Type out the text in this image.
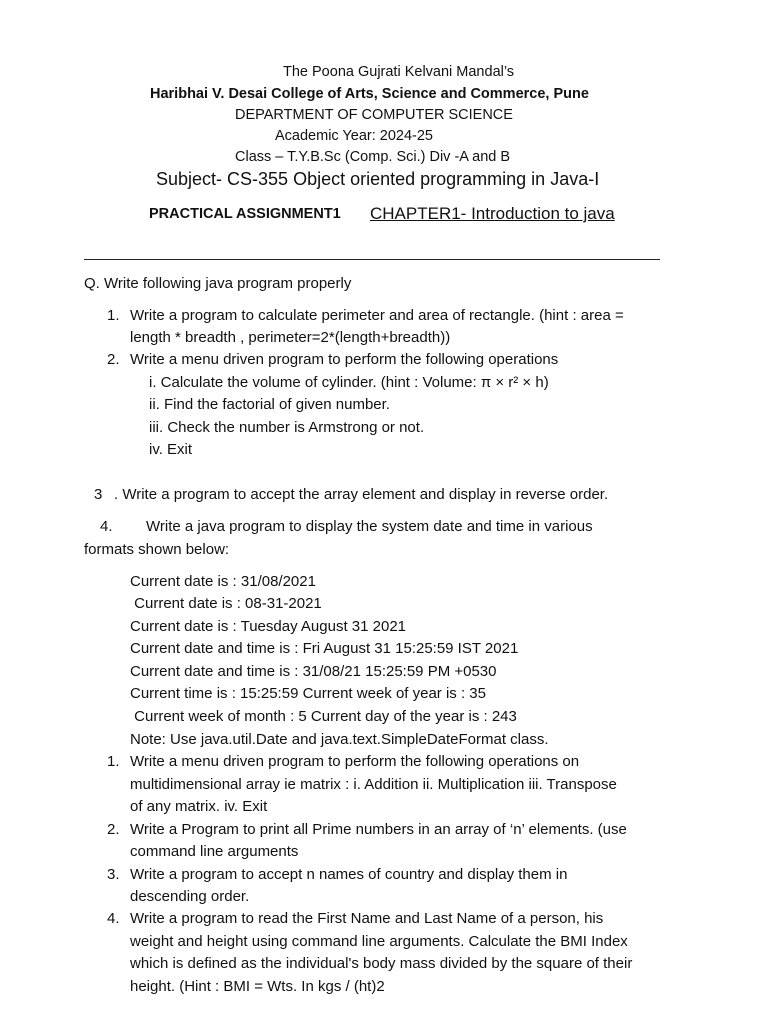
The Poona Gujrati Kelvani Mandal’s
Haribhai V. Desai College of Arts, Science and Commerce, Pune
DEPARTMENT OF COMPUTER SCIENCE
Academic Year: 2024-25
Class – T.Y.B.Sc (Comp. Sci.) Div -A and B
Subject- CS-355 Object oriented programming in Java-I
PRACTICAL ASSIGNMENT1 CHAPTER1- Introduction to java
Q. Write following java program properly
1. Write a program to calculate perimeter and area of rectangle. (hint : area =
length * breadth , perimeter=2*(length+breadth))
2. Write a menu driven program to perform the following operations
i. Calculate the volume of cylinder. (hint : Volume: π × r² × h)
ii. Find the factorial of given number.
iii. Check the number is Armstrong or not.
iv. Exit
3 . Write a program to accept the array element and display in reverse order.
4. Write a java program to display the system date and time in various
formats shown below:
Current date is : 31/08/2021
Current date is : 08-31-2021
Current date is : Tuesday August 31 2021
Current date and time is : Fri August 31 15:25:59 IST 2021
Current date and time is : 31/08/21 15:25:59 PM +0530
Current time is : 15:25:59 Current week of year is : 35
Current week of month : 5 Current day of the year is : 243
Note: Use java.util.Date and java.text.SimpleDateFormat class.
1. Write a menu driven program to perform the following operations on
multidimensional array ie matrix : i. Addition ii. Multiplication iii. Transpose
of any matrix. iv. Exit
2. Write a Program to print all Prime numbers in an array of ‘n’ elements. (use
command line arguments
3. Write a program to accept n names of country and display them in
descending order.
4. Write a program to read the First Name and Last Name of a person, his
weight and height using command line arguments. Calculate the BMI Index
which is defined as the individual's body mass divided by the square of their
height. (Hint : BMI = Wts. In kgs / (ht)2
